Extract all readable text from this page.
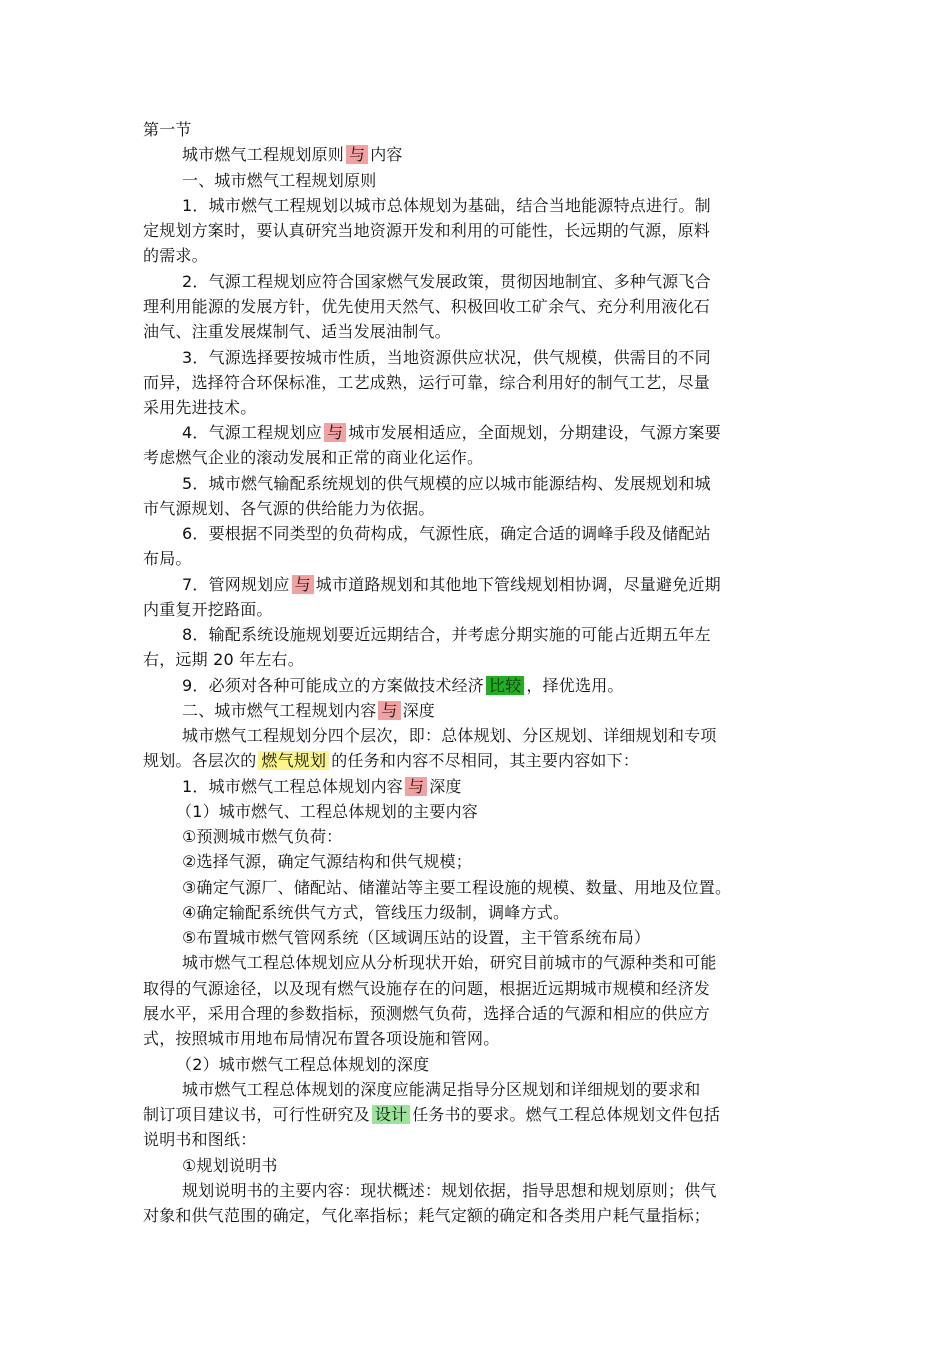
第一节
城市燃气工程规划原则 与 内容
一、城市燃气工程规划原则
1．城市燃气工程规划以城市总体规划为基础，结合当地能源特点进行。制
定规划方案时，要认真研究当地资源开发和利用的可能性，长远期的气源，原料
的需求。
2．气源工程规划应符合国家燃气发展政策，贯彻因地制宜、多种气源飞合
理利用能源的发展方针，优先使用天然气、积极回收工矿余气、充分利用液化石
油气、注重发展煤制气、适当发展油制气。
3．气源选择要按城市性质，当地资源供应状况，供气规模，供需目的不同
而异，选择符合环保标准，工艺成熟，运行可靠，综合利用好的制气工艺，尽量
采用先进技术。
4．气源工程规划应 与 城市发展相适应，全面规划，分期建设，气源方案要
考虑燃气企业的滚动发展和正常的商业化运作。
5．城市燃气输配系统规划的供气规模的应以城市能源结构、发展规划和城
市气源规划、各气源的供给能力为依据。
6．要根据不同类型的负荷构成，气源性底，确定合适的调峰手段及储配站
布局。
7．管网规划应 与 城市道路规划和其他地下管线规划相协调，尽量避免近期
内重复开挖路面。
8．输配系统设施规划要近远期结合，并考虑分期实施的可能占近期五年左
右，远期 20 年左右。
9．必须对各种可能成立的方案做技术经济 比较 ，择优选用。
二、城市燃气工程规划内容 与 深度
城市燃气工程规划分四个层次，即：总体规划、分区规划、详细规划和专项
规划。各层次的 燃气规划 的任务和内容不尽相同，其主要内容如下：
1．城市燃气工程总体规划内容 与 深度
（1）城市燃气、工程总体规划的主要内容
①预测城市燃气负荷：
②选择气源，确定气源结构和供气规模；
③确定气源厂、储配站、储灌站等主要工程设施的规模、数量、用地及位置。
④确定输配系统供气方式，管线压力级制，调峰方式。
⑤布置城市燃气管网系统（区域调压站的设置，主干管系统布局）
城市燃气工程总体规划应从分析现状开始，研究目前城市的气源种类和可能
取得的气源途径，以及现有燃气设施存在的问题，根据近远期城市规模和经济发
展水平，采用合理的参数指标，预测燃气负荷，选择合适的气源和相应的供应方
式，按照城市用地布局情况布置各项设施和管网。
（2）城市燃气工程总体规划的深度
城市燃气工程总体规划的深度应能满足指导分区规划和详细规划的要求和
制订项目建议书，可行性研究及 设计 任务书的要求。燃气工程总体规划文件包括
说明书和图纸：
①规划说明书
规划说明书的主要内容：现状概述：规划依据，指导思想和规划原则；供气
对象和供气范围的确定，气化率指标；耗气定额的确定和各类用户耗气量指标；
